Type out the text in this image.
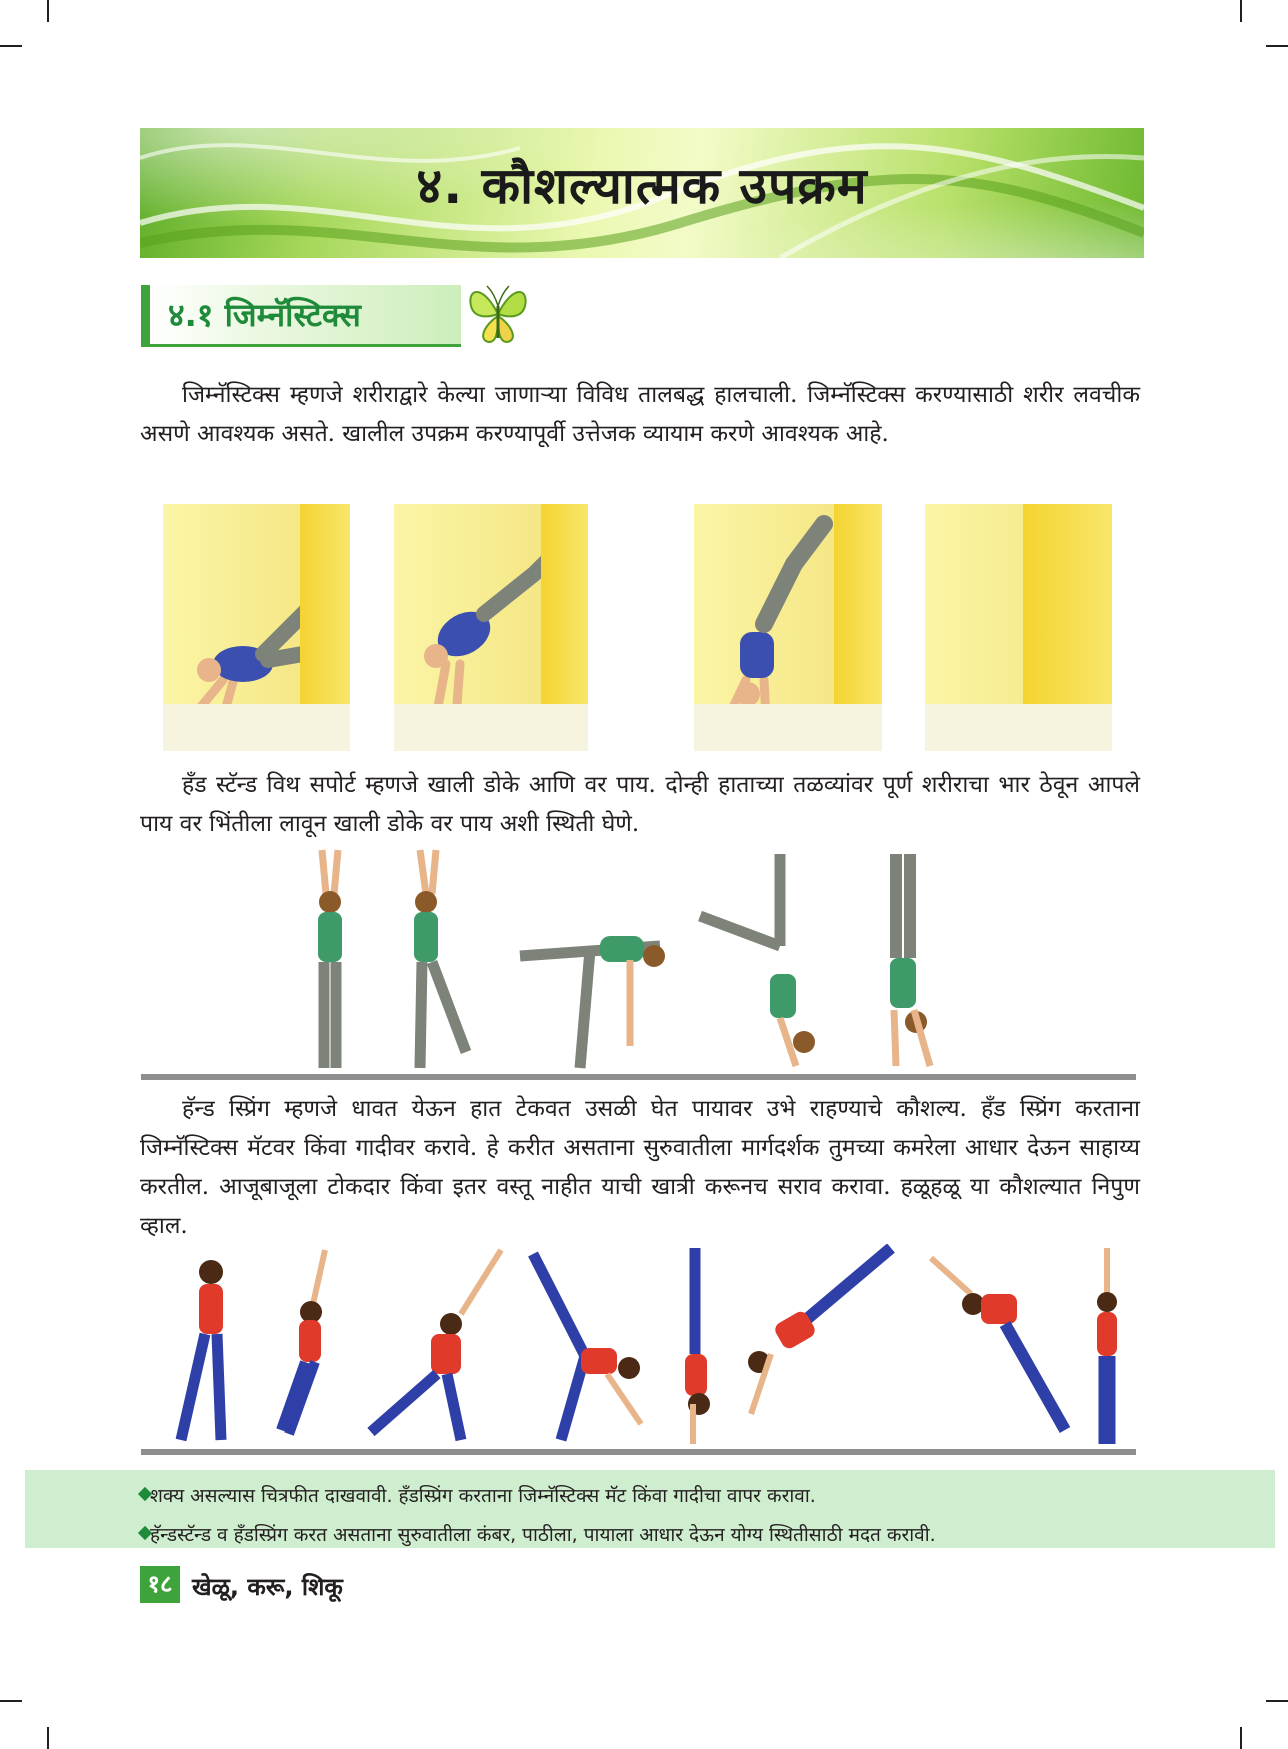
४. कौशल्यात्मक उपक्रम
४.१ जिम्नॅस्टिक्स
जिम्नॅस्टिक्स म्हणजे शरीराद्वारे केल्या जाणाऱ्या विविध तालबद्ध हालचाली. जिम्नॅस्टिक्स करण्यासाठी शरीर लवचीक असणे आवश्यक असते. खालील उपक्रम करण्यापूर्वी उत्तेजक व्यायाम करणे आवश्यक आहे.
हँड स्टॅन्ड विथ सपोर्ट म्हणजे खाली डोके आणि वर पाय. दोन्ही हाताच्या तळव्यांवर पूर्ण शरीराचा भार ठेवून आपले पाय वर भिंतीला लावून खाली डोके वर पाय अशी स्थिती घेणे.
हॅन्ड स्प्रिंग म्हणजे धावत येऊन हात टेकवत उसळी घेत पायावर उभे राहण्याचे कौशल्य. हँड स्प्रिंग करताना जिम्नॅस्टिक्स मॅटवर किंवा गादीवर करावे. हे करीत असताना सुरुवातीला मार्गदर्शक तुमच्या कमरेला आधार देऊन साहाय्य करतील. आजूबाजूला टोकदार किंवा इतर वस्तू नाहीत याची खात्री करूनच सराव करावा. हळूहळू या कौशल्यात निपुण व्हाल.
शक्य असल्यास चित्रफीत दाखवावी. हँडस्प्रिंग करताना जिम्नॅस्टिक्स मॅट किंवा गादीचा वापर करावा.
हॅन्डस्टॅन्ड व हँडस्प्रिंग करत असताना सुरुवातीला कंबर, पाठीला, पायाला आधार देऊन योग्य स्थितीसाठी मदत करावी.
१८ खेळू, करू, शिकू
